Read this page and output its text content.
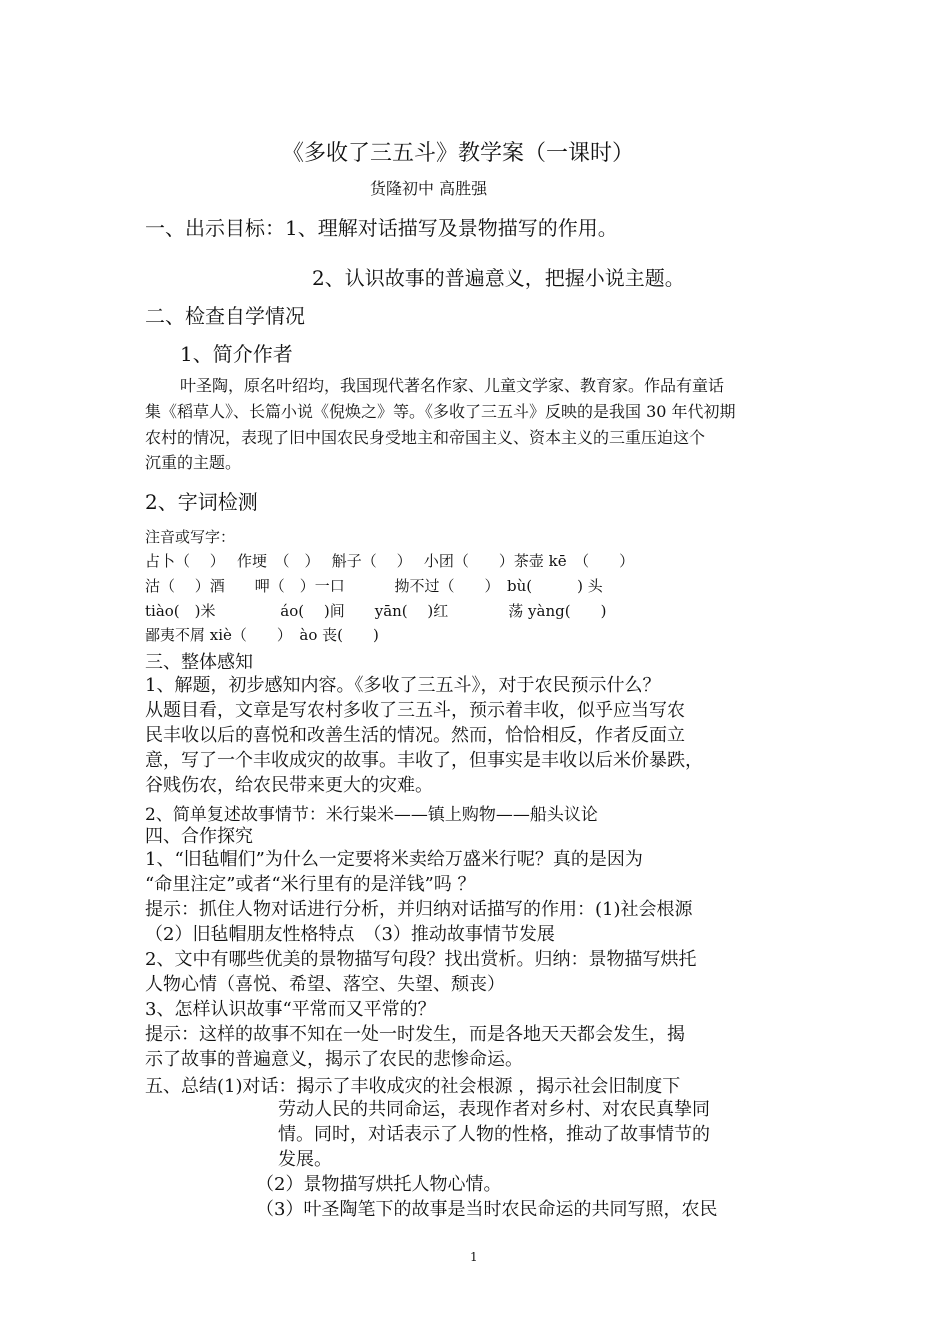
《多收了三五斗》教学案（一课时）
货隆初中 高胜强
一、出示目标：1、理解对话描写及景物描写的作用。
2、认识故事的普遍意义，把握小说主题。
二、检查自学情况
1、简介作者
叶圣陶，原名叶绍均，我国现代著名作家、儿童文学家、教育家。作品有童话
集《稻草人》、长篇小说《倪焕之》等。《多收了三五斗》反映的是我国 30 年代初期
农村的情况，表现了旧中国农民身受地主和帝国主义、资本主义的三重压迫这个
沉重的主题。
2、字词检测
注音或写字：
占卜（　 ）　 作埂　（　）　 斛子（　 ）　 小团（　　）茶壶 kē　（　　）
沽（　 ）酒　　呷（　）一口　　　 拗不过（　　）　bù(　　　) 头
tiào(　)米　　　　 áo(　 )间　　yān(　 )红　　　　荡 yàng(　　)
鄙夷不屑 xiè（　　）　ào 丧(　　)
三、整体感知
1、解题，初步感知内容。《多收了三五斗》，对于农民预示什么？
从题目看，文章是写农村多收了三五斗，预示着丰收，似乎应当写农
民丰收以后的喜悦和改善生活的情况。然而，恰恰相反，作者反面立
意，写了一个丰收成灾的故事。丰收了，但事实是丰收以后米价暴跌，
谷贱伤农，给农民带来更大的灾难。
2、简单复述故事情节：米行粜米——镇上购物——船头议论
四、合作探究
1、“旧毡帽们”为什么一定要将米卖给万盛米行呢？真的是因为
“命里注定”或者“米行里有的是洋钱”吗 ？
提示：抓住人物对话进行分析，并归纳对话描写的作用：(1)社会根源
（2）旧毡帽朋友性格特点　（3）推动故事情节发展
2、文中有哪些优美的景物描写句段？找出赏析。归纳：景物描写烘托
人物心情（喜悦、希望、落空、失望、颓丧）
3、怎样认识故事“平常而又平常的？
提示：这样的故事不知在一处一时发生，而是各地天天都会发生，揭
示了故事的普遍意义，揭示了农民的悲惨命运。
五、总结(1)对话：揭示了丰收成灾的社会根源 ，揭示社会旧制度下
劳动人民的共同命运，表现作者对乡村、对农民真挚同
情。同时，对话表示了人物的性格，推动了故事情节的
发展。
（2）景物描写烘托人物心情。
（3）叶圣陶笔下的故事是当时农民命运的共同写照，农民
1
